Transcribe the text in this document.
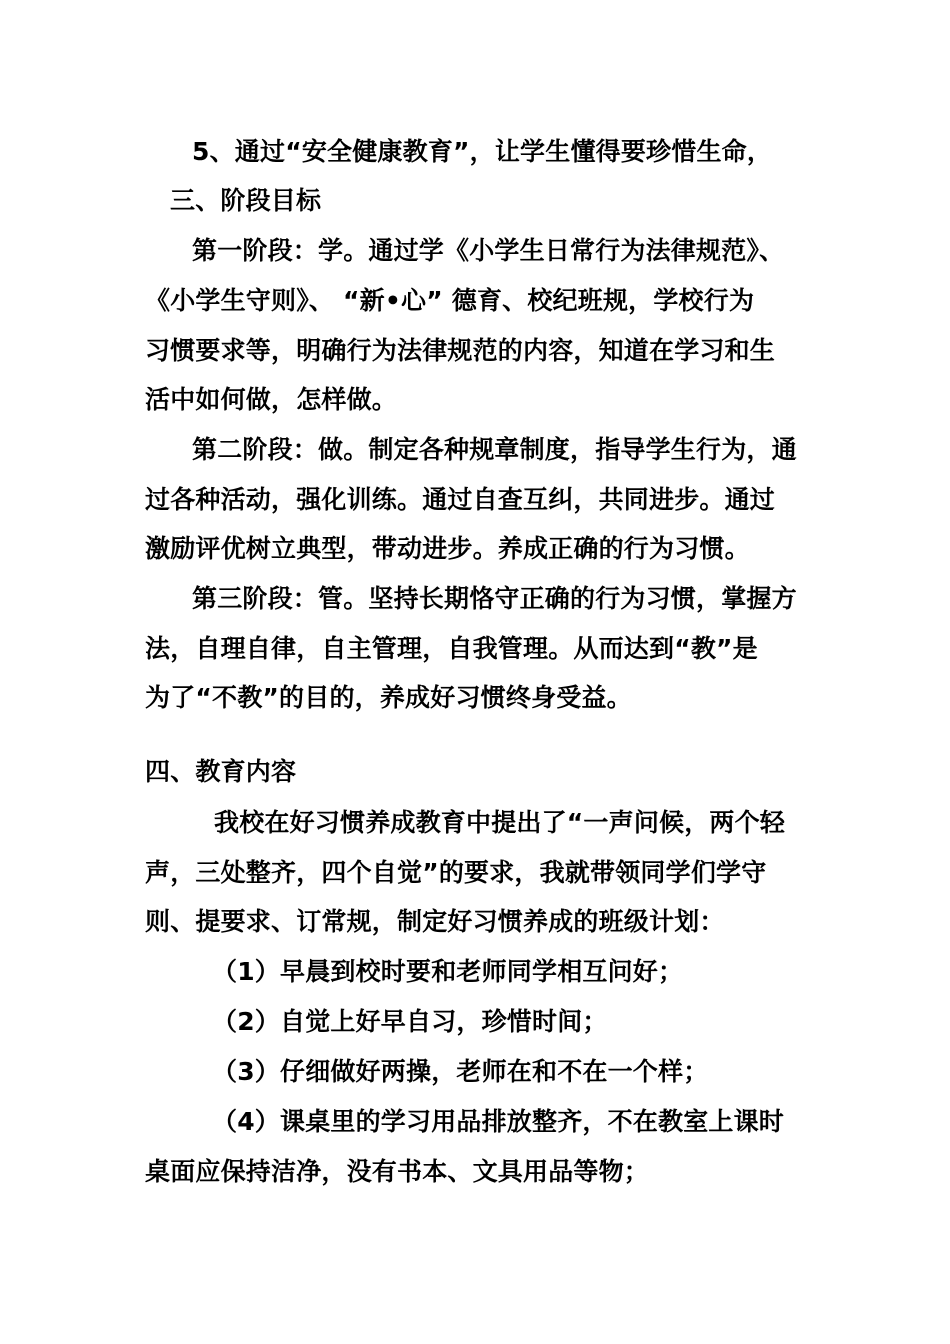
5、通过“安全健康教育”，让学生懂得要珍惜生命，
三、阶段目标
第一阶段：学。通过学《小学生日常行为法律规范》、
《小学生守则》、 “新•心” 德育、校纪班规，学校行为
习惯要求等，明确行为法律规范的内容，知道在学习和生
活中如何做，怎样做。
第二阶段：做。制定各种规章制度，指导学生行为，通
过各种活动，强化训练。通过自查互纠，共同进步。通过
激励评优树立典型，带动进步。养成正确的行为习惯。
第三阶段：管。坚持长期恪守正确的行为习惯，掌握方
法，自理自律，自主管理，自我管理。从而达到“教”是
为了“不教”的目的，养成好习惯终身受益。
四、教育内容
我校在好习惯养成教育中提出了“一声问候，两个轻
声，三处整齐，四个自觉”的要求，我就带领同学们学守
则、提要求、订常规，制定好习惯养成的班级计划：
（1）早晨到校时要和老师同学相互问好；
（2）自觉上好早自习，珍惜时间；
（3）仔细做好两操，老师在和不在一个样；
（4）课桌里的学习用品排放整齐，不在教室上课时
桌面应保持洁净，没有书本、文具用品等物；
